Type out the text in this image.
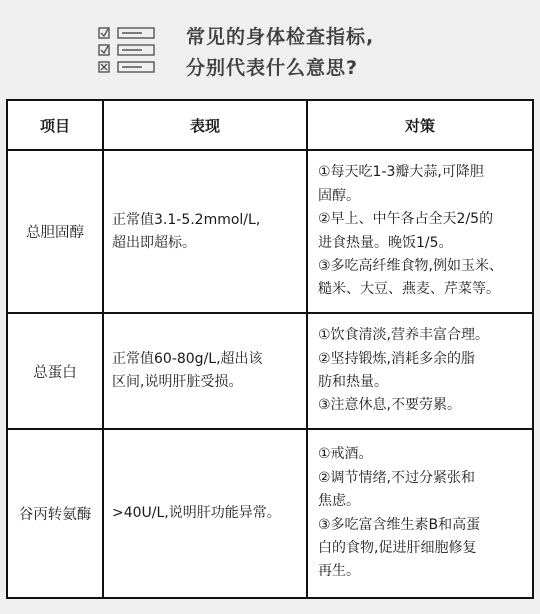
常见的身体检查指标,
分别代表什么意思?
项目	表现	对策
总胆固醇
正常值3.1-5.2mmol/L,
超出即超标。
①每天吃1-3瓣大蒜,可降胆
固醇。
②早上、中午各占全天2/5的
进食热量。晚饭1/5。
③多吃高纤维食物,例如玉米、
糙米、大豆、燕麦、芹菜等。
总蛋白
正常值60-80g/L,超出该
区间,说明肝脏受损。
①饮食清淡,营养丰富合理。
②坚持锻炼,消耗多余的脂
肪和热量。
③注意休息,不要劳累。
谷丙转氨酶 >40U/L,说明肝功能异常。
①戒酒。
②调节情绪,不过分紧张和
焦虑。
③多吃富含维生素B和高蛋
白的食物,促进肝细胞修复
再生。
